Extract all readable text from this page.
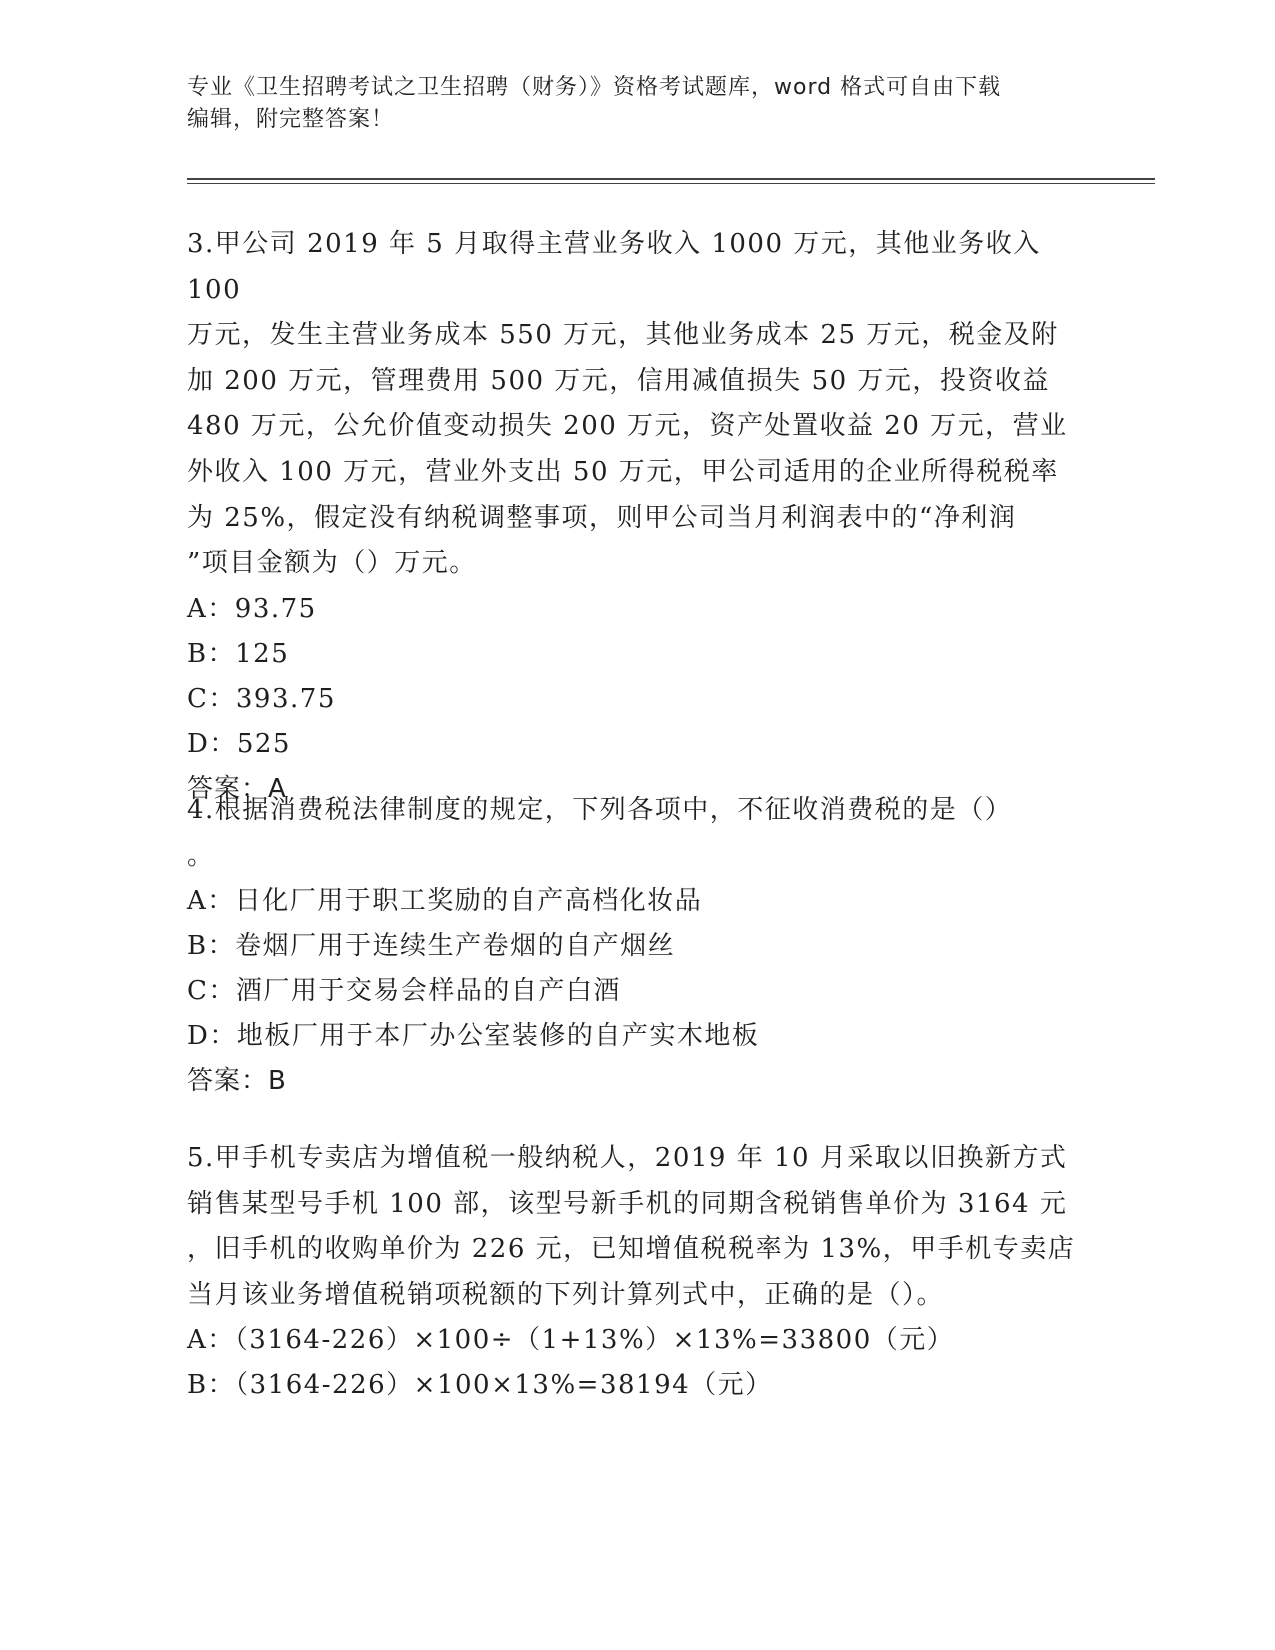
专业《卫生招聘考试之卫生招聘（财务）》资格考试题库，word 格式可自由下载
编辑，附完整答案！
3.甲公司 2019 年 5 月取得主营业务收入 1000 万元，其他业务收入 100
万元，发生主营业务成本 550 万元，其他业务成本 25 万元，税金及附
加 200 万元，管理费用 500 万元，信用减值损失 50 万元，投资收益
480 万元，公允价值变动损失 200 万元，资产处置收益 20 万元，营业
外收入 100 万元，营业外支出 50 万元，甲公司适用的企业所得税税率
为 25%，假定没有纳税调整事项，则甲公司当月利润表中的“净利润
”项目金额为（）万元。
A：93.75
B：125
C：393.75
D：525
答案：A
4.根据消费税法律制度的规定，下列各项中，不征收消费税的是（）
。
A：日化厂用于职工奖励的自产高档化妆品
B：卷烟厂用于连续生产卷烟的自产烟丝
C：酒厂用于交易会样品的自产白酒
D：地板厂用于本厂办公室装修的自产实木地板
答案：B
5.甲手机专卖店为增值税一般纳税人，2019 年 10 月采取以旧换新方式
销售某型号手机 100 部，该型号新手机的同期含税销售单价为 3164 元
，旧手机的收购单价为 226 元，已知增值税税率为 13%，甲手机专卖店
当月该业务增值税销项税额的下列计算列式中，正确的是（）。
A：（3164-226）×100÷（1+13%）×13%=33800（元）
B：（3164-226）×100×13%=38194（元）
